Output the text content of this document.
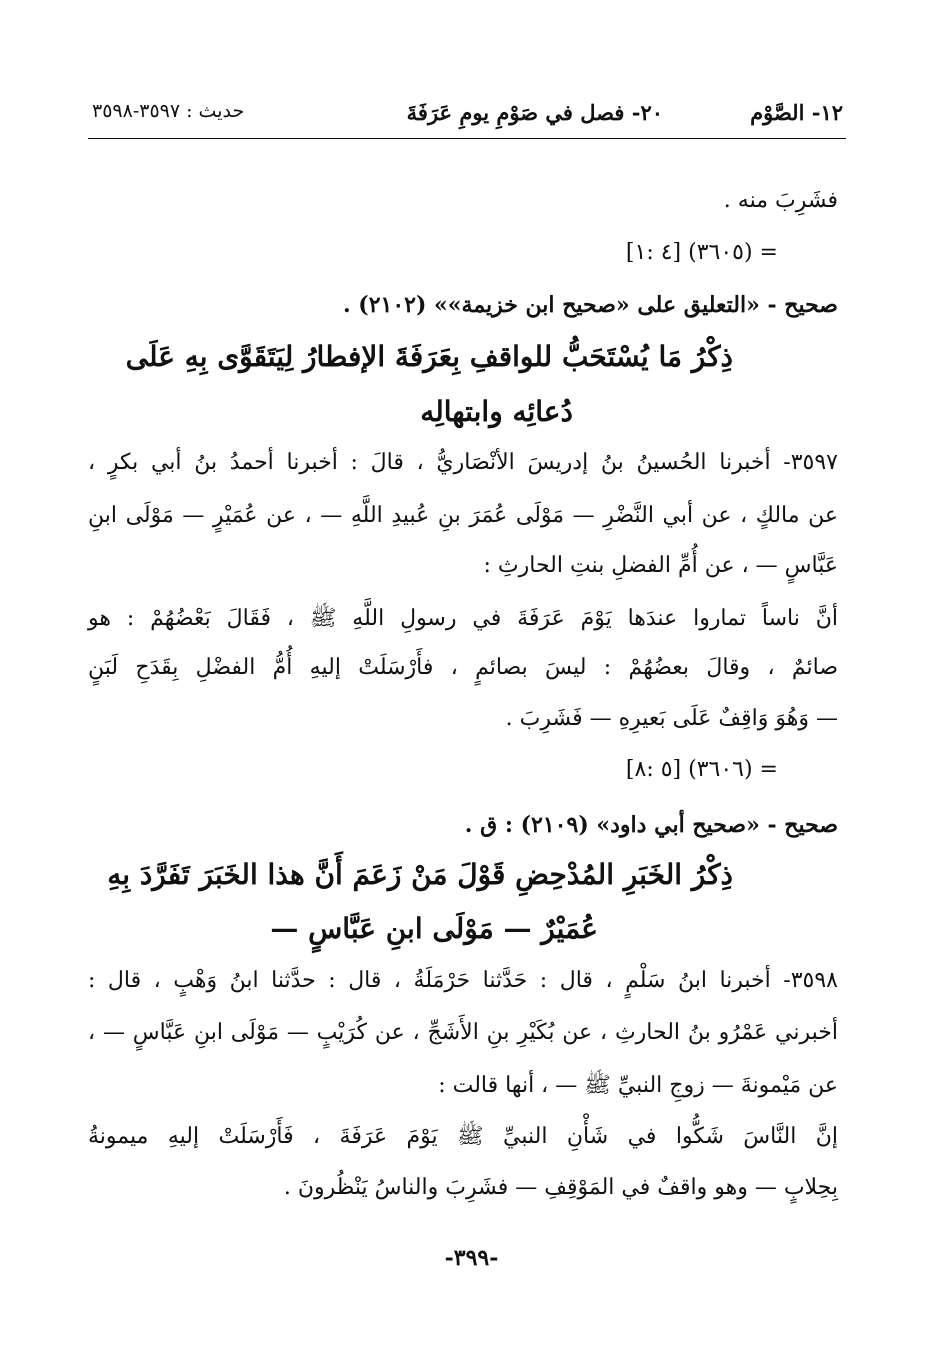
١٢- الصَّوْم
٢٠- فصل في صَوْمِ يومِ عَرَفَةَ
حديث : ٣٥٩٧-٣٥٩٨
فشَرِبَ منه .
= (٣٦٠٥) [٤ :١]
صحيح - «التعليق على «صحيح ابن خزيمة»» (٢١٠٢) .
ذِكْرُ مَا يُسْتَحَبُّ للواقفِ بِعَرَفَةَ الإفطارُ لِيَتَقَوَّى بِهِ عَلَى
دُعائِه وابتهالِه
٣٥٩٧- أخبرنا الحُسينُ بنُ إدريسَ الأنْصَاريُّ ، قالَ : أخبرنا أحمدُ بنُ أبي بكرٍ ،
عن مالكٍ ، عن أبي النَّضْرِ — مَوْلَى عُمَرَ بنِ عُبيدِ اللَّهِ — ، عن عُمَيْرٍ — مَوْلَى ابنِ
عَبَّاسٍ — ، عن أُمِّ الفضلِ بنتِ الحارثِ :
أنَّ ناساً تماروا عندَها يَوْمَ عَرَفَةَ في رسولِ اللَّهِ ﷺ ، فَقَالَ بَعْضُهُمْ : هو
صائمٌ ، وقالَ بعضُهُمْ : ليسَ بصائمٍ ، فأَرْسَلَتْ إليهِ أُمُّ الفضْلِ بِقَدَحِ لَبَنٍ
— وَهُوَ وَاقِفٌ عَلَى بَعيرِهِ — فَشَرِبَ .
= (٣٦٠٦) [٥ :٨]
صحيح - «صحيح أبي داود» (٢١٠٩) : ق .
ذِكْرُ الخَبَرِ المُدْحِضِ قَوْلَ مَنْ زَعَمَ أَنَّ هذا الخَبَرَ تَفَرَّدَ بِهِ
عُمَيْرٌ — مَوْلَى ابنِ عَبَّاسٍ —
٣٥٩٨- أخبرنا ابنُ سَلْمٍ ، قال : حَدَّثنا حَرْمَلَةُ ، قال : حدَّثنا ابنُ وَهْبٍ ، قال :
أخبرني عَمْرُو بنُ الحارثِ ، عن بُكَيْرِ بنِ الأَشَجِّ ، عن كُرَيْبٍ — مَوْلَى ابنِ عَبَّاسٍ — ،
عن مَيْمونةَ — زوجِ النبيِّ ﷺ — ، أنها قالت :
إنَّ النَّاسَ شَكُّوا في شَأْنِ النبيِّ ﷺ يَوْمَ عَرَفَةَ ، فَأَرْسَلَتْ إليهِ ميمونةُ
بِحِلابٍ — وهو واقفٌ في المَوْقِفِ — فشَرِبَ والناسُ يَنْظُرونَ .
-٣٩٩-
